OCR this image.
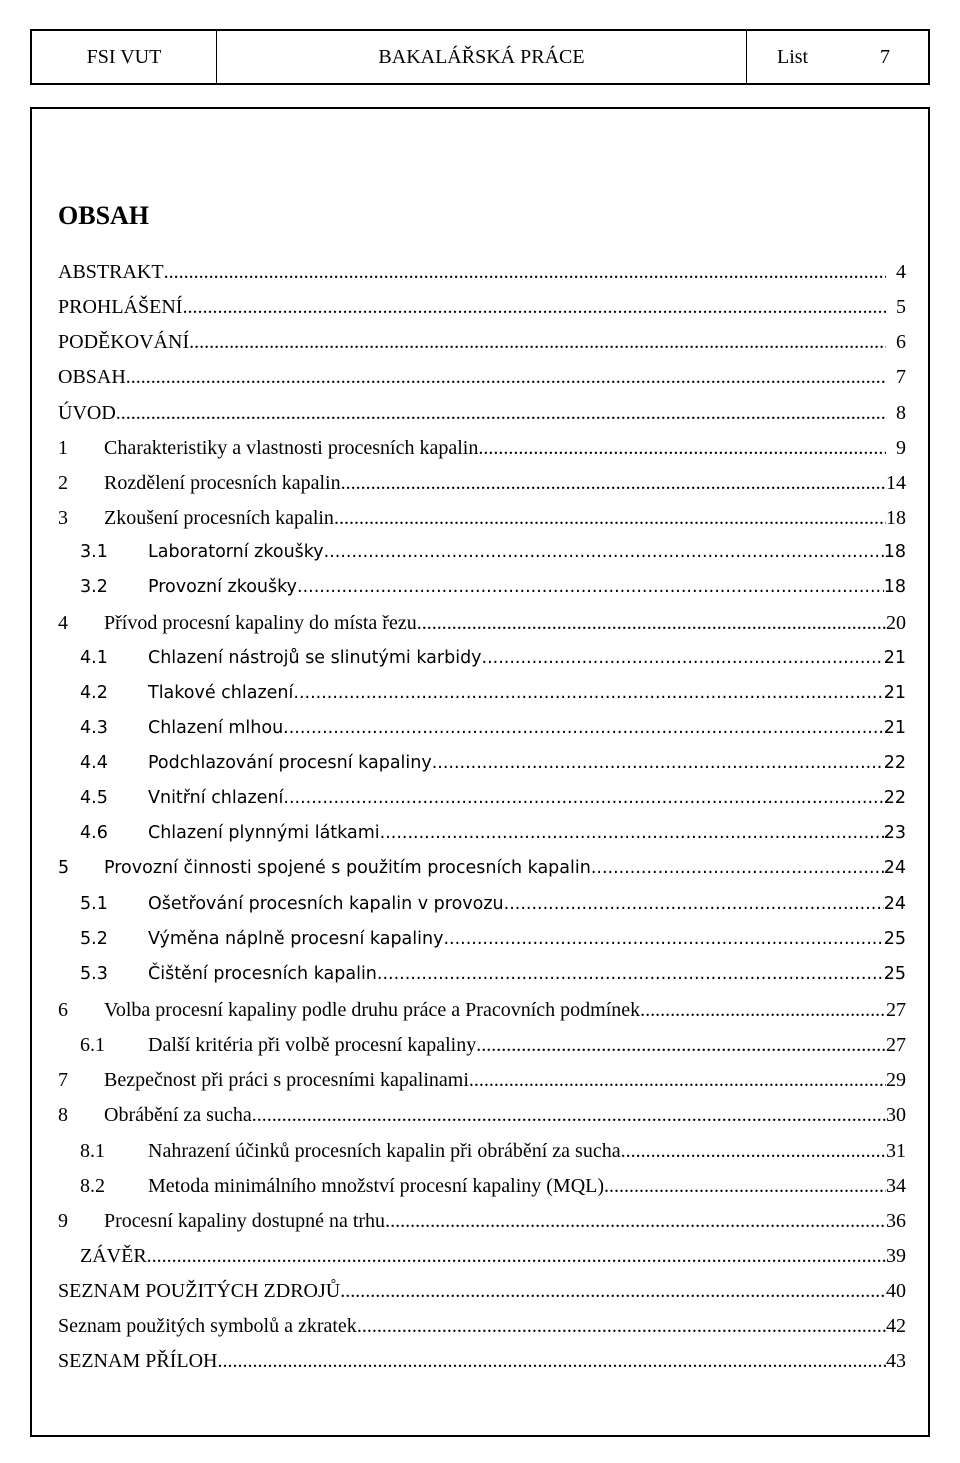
FSI VUT	BAKALÁŘSKÁ PRÁCE	List	7
OBSAH
ABSTRAKT .....	4
PROHLÁŠENÍ .....	5
PODĚKOVÁNÍ .....	6
OBSAH .....	7
ÚVOD .....	8
1	Charakteristiky a vlastnosti procesních kapalin .....	9
2	Rozdělení procesních kapalin .....	14
3	Zkoušení procesních kapalin .....	18
3.1	Laboratorní zkoušky .....	18
3.2	Provozní zkoušky .....	18
4	Přívod procesní kapaliny do místa řezu .....	20
4.1	Chlazení nástrojů se slinutými karbidy .....	21
4.2	Tlakové chlazení .....	21
4.3	Chlazení mlhou .....	21
4.4	Podchlazování procesní kapaliny .....	22
4.5	Vnitřní chlazení .....	22
4.6	Chlazení plynnými látkami .....	23
5	Provozní činnosti spojené s použitím procesních kapalin .....	24
5.1	Ošetřování procesních kapalin v provozu .....	24
5.2	Výměna náplně procesní kapaliny .....	25
5.3	Čištění procesních kapalin .....	25
6	Volba procesní kapaliny podle druhu práce a Pracovních podmínek .....	27
6.1	Další kritéria při volbě procesní kapaliny .....	27
7	Bezpečnost při práci s procesními kapalinami .....	29
8	Obrábění za sucha .....	30
8.1	Nahrazení účinků procesních kapalin při obrábění za sucha .....	31
8.2	Metoda minimálního množství procesní kapaliny (MQL) .....	34
9	Procesní kapaliny dostupné na trhu .....	36
ZÁVĚR .....	39
SEZNAM POUŽITÝCH ZDROJŮ .....	40
Seznam použitých symbolů a zkratek .....	42
SEZNAM PŘÍLOH .....	43
